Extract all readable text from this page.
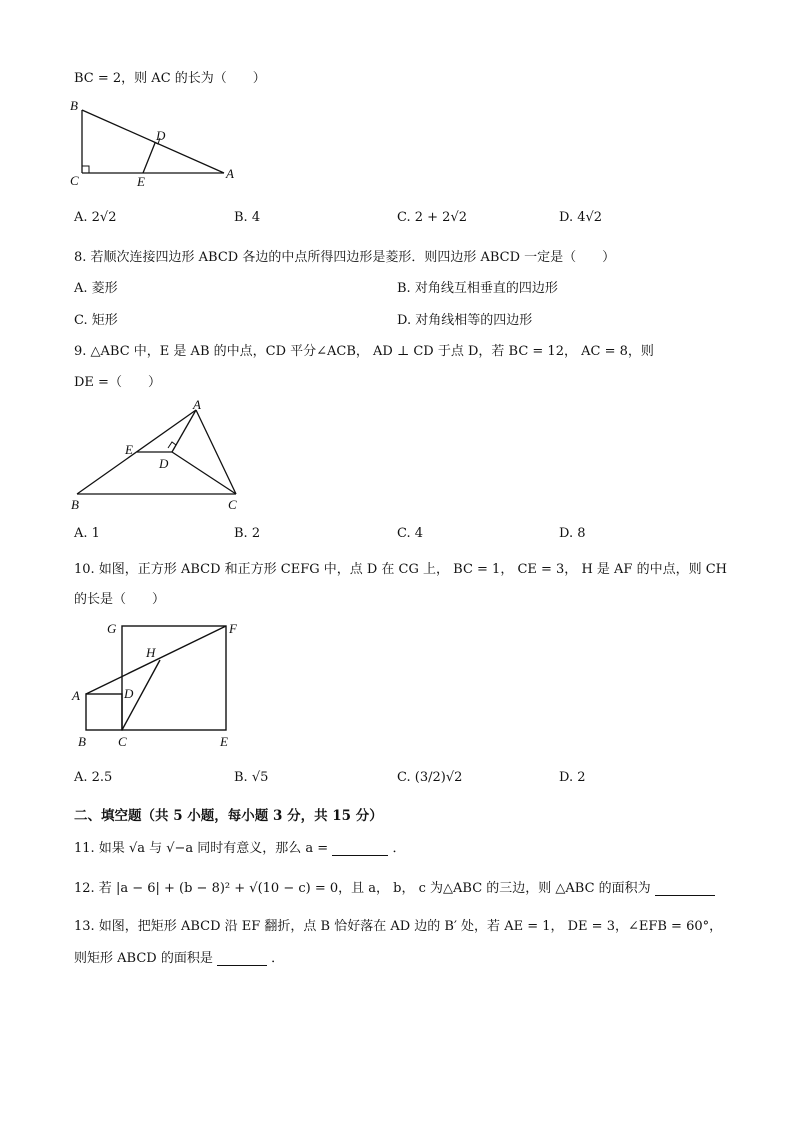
BC = 2，则 AC 的长为（　　）
B
C
D
E
A
A. 2√2	B. 4	C. 2 + 2√2	D. 4√2
8. 若顺次连接四边形 ABCD 各边的中点所得四边形是菱形．则四边形 ABCD 一定是（　　）
A. 菱形	B. 对角线互相垂直的四边形
C. 矩形	D. 对角线相等的四边形
9. △ABC 中，E 是 AB 的中点，CD 平分∠ACB， AD ⊥ CD 于点 D，若 BC = 12， AC = 8，则
DE =（　　）
A
E
D
B	C
A. 1	B. 2	C. 4	D. 8
10. 如图，正方形 ABCD 和正方形 CEFG 中，点 D 在 CG 上， BC = 1， CE = 3， H 是 AF 的中点，则 CH
的长是（　　）
G	F
H
A	D
B C	E
A. 2.5	B. √5	C. (3/2)√2	D. 2
二、填空题（共 5 小题，每小题 3 分，共 15 分）
11. 如果 √a 与 √−a 同时有意义，那么 a =	．
12. 若 |a − 6| + (b − 8)² + √(10 − c) = 0，且 a， b， c 为△ABC 的三边，则 △ABC 的面积为
13. 如图，把矩形 ABCD 沿 EF 翻折，点 B 恰好落在 AD 边的 B′ 处，若 AE = 1， DE = 3，∠EFB = 60°，
则矩形 ABCD 的面积是	．
